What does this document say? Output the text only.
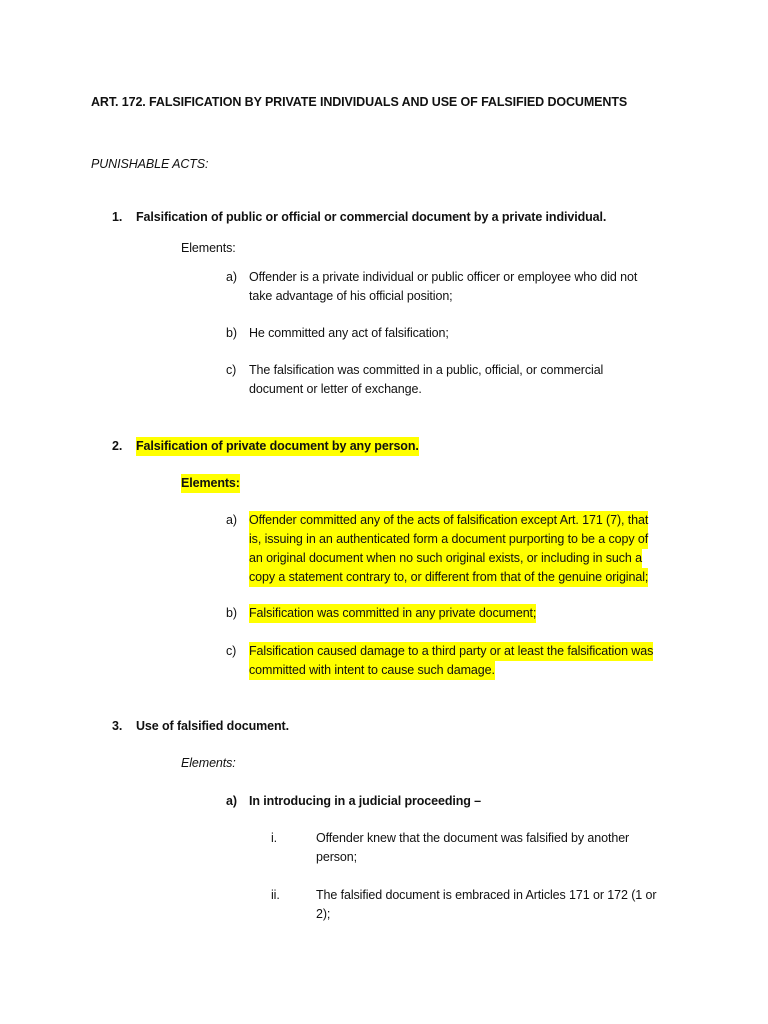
ART. 172. FALSIFICATION BY PRIVATE INDIVIDUALS AND USE OF FALSIFIED DOCUMENTS
PUNISHABLE ACTS:
1. Falsification of public or official or commercial document by a private individual.
Elements:
a) Offender is a private individual or public officer or employee who did not
take advantage of his official position;
b) He committed any act of falsification;
c) The falsification was committed in a public, official, or commercial
document or letter of exchange.
2. Falsification of private document by any person.
Elements:
a) Offender committed any of the acts of falsification except Art. 171 (7), that
is, issuing in an authenticated form a document purporting to be a copy of
an original document when no such original exists, or including in such a
copy a statement contrary to, or different from that of the genuine original;
b) Falsification was committed in any private document;
c) Falsification caused damage to a third party or at least the falsification was
committed with intent to cause such damage.
3. Use of falsified document.
Elements:
a) In introducing in a judicial proceeding –
i.	Offender knew that the document was falsified by another
person;
ii.	The falsified document is embraced in Articles 171 or 172 (1 or
2);
